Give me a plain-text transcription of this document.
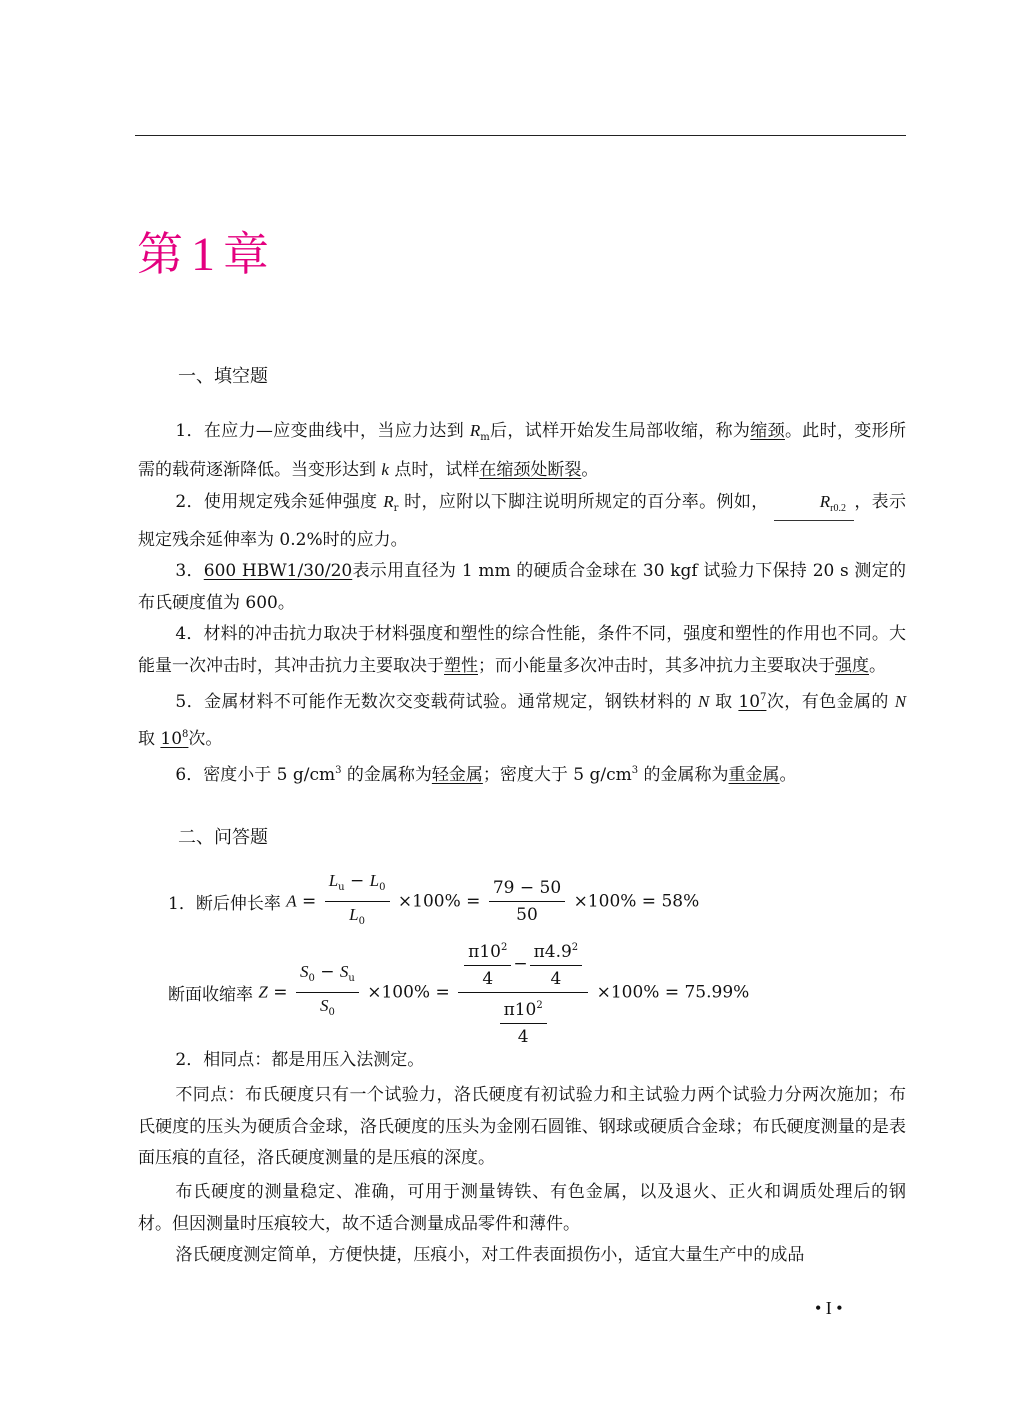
第 1 章
一、填空题

1．在应力—应变曲线中，当应力达到 $R_m$后，试样开始发生局部收缩，称为缩颈。此时，变形所需的载荷逐渐降低。当变形达到 k 点时，试样在缩颈处断裂。

2．使用规定残余延伸强度 $R_r$ 时，应附以下脚注说明所规定的百分率。例如，	$R_{r0.2}$ ，表示规定残余延伸率为 0.2%时的应力。

3．600 HBW1/30/20表示用直径为 1 mm 的硬质合金球在 30 kgf 试验力下保持 20 s 测定的布氏硬度值为 600。

4．材料的冲击抗力取决于材料强度和塑性的综合性能，条件不同，强度和塑性的作用也不同。大能量一次冲击时，其冲击抗力主要取决于塑性；而小能量多次冲击时，其多冲抗力主要取决于强度。

5．金属材料不可能作无数次交变载荷试验。通常规定，钢铁材料的 N 取 $10^7$次，有色金属的 N 取 $10^8$次。

6．密度小于 5 $g/cm^3$ 的金属称为轻金属；密度大于 5 $g/cm^3$ 的金属称为重金属。

二、问答题
1．断后伸长率 $A = \frac{L_u - L_0}{L_0} \times 100\% = \frac{79 - 50}{50} \times 100\% = 58\%$
断面收缩率 $Z = \frac{S_0 - S_u}{S_0} \times 100\% = \frac{\frac{\pi 10^2}{4} - \frac{\pi 4.9^2}{4}}{\frac{\pi 10^2}{4}} \times 100\% = 75.99\%$

2．相同点：都是用压入法测定。

不同点：布氏硬度只有一个试验力，洛氏硬度有初试验力和主试验力两个试验力分两次施加；布氏硬度的压头为硬质合金球，洛氏硬度的压头为金刚石圆锥、钢球或硬质合金球；布氏硬度测量的是表面压痕的直径，洛氏硬度测量的是压痕的深度。

布氏硬度的测量稳定、准确，可用于测量铸铁、有色金属，以及退火、正火和调质处理后的钢材。但因测量时压痕较大，故不适合测量成品零件和薄件。

洛氏硬度测定简单，方便快捷，压痕小，对工件表面损伤小，适宜大量生产中的成品

• I •
